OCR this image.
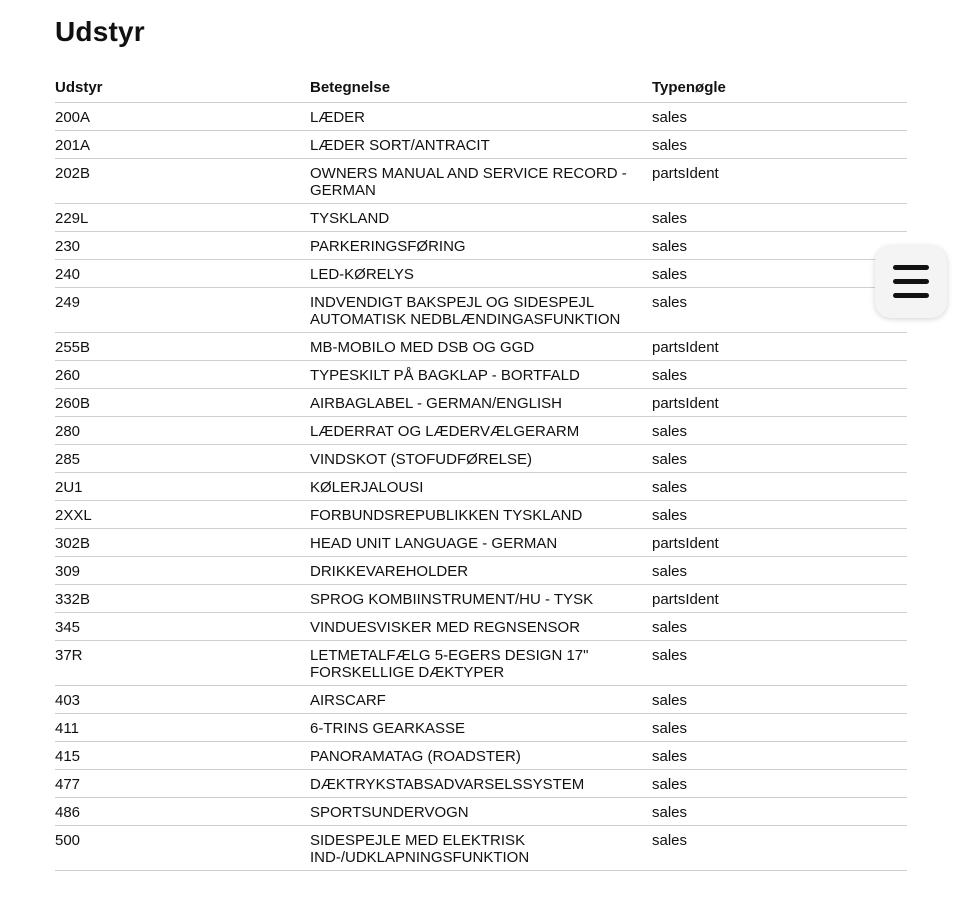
Udstyr
Udstyr	Betegnelse	Typenøgle
200A	LÆDER	sales
201A	LÆDER SORT/ANTRACIT	sales
202B	OWNERS MANUAL AND SERVICE RECORD - GERMAN	partsIdent
229L	TYSKLAND	sales
230	PARKERINGSFØRING	sales
240	LED-KØRELYS	sales
249	INDVENDIGT BAKSPEJL OG SIDESPEJL AUTOMATISK NEDBLÆNDINGASFUNKTION	sales
255B	MB-MOBILO MED DSB OG GGD	partsIdent
260	TYPESKILT PÅ BAGKLAP - BORTFALD	sales
260B	AIRBAGLABEL - GERMAN/ENGLISH	partsIdent
280	LÆDERRAT OG LÆDERVÆLGERARM	sales
285	VINDSKOT (STOFUDFØRELSE)	sales
2U1	KØLERJALOUSI	sales
2XXL	FORBUNDSREPUBLIKKEN TYSKLAND	sales
302B	HEAD UNIT LANGUAGE - GERMAN	partsIdent
309	DRIKKEVAREHOLDER	sales
332B	SPROG KOMBIINSTRUMENT/HU - TYSK	partsIdent
345	VINDUESVISKER MED REGNSENSOR	sales
37R	LETMETALFÆLG 5-EGERS DESIGN 17" FORSKELLIGE DÆKTYPER	sales
403	AIRSCARF	sales
411	6-TRINS GEARKASSE	sales
415	PANORAMATAG (ROADSTER)	sales
477	DÆKTRYKSTABSADVARSELSSYSTEM	sales
486	SPORTSUNDERVOGN	sales
500	SIDESPEJLE MED ELEKTRISK IND-/UDKLAPNINGSFUNKTION	sales
